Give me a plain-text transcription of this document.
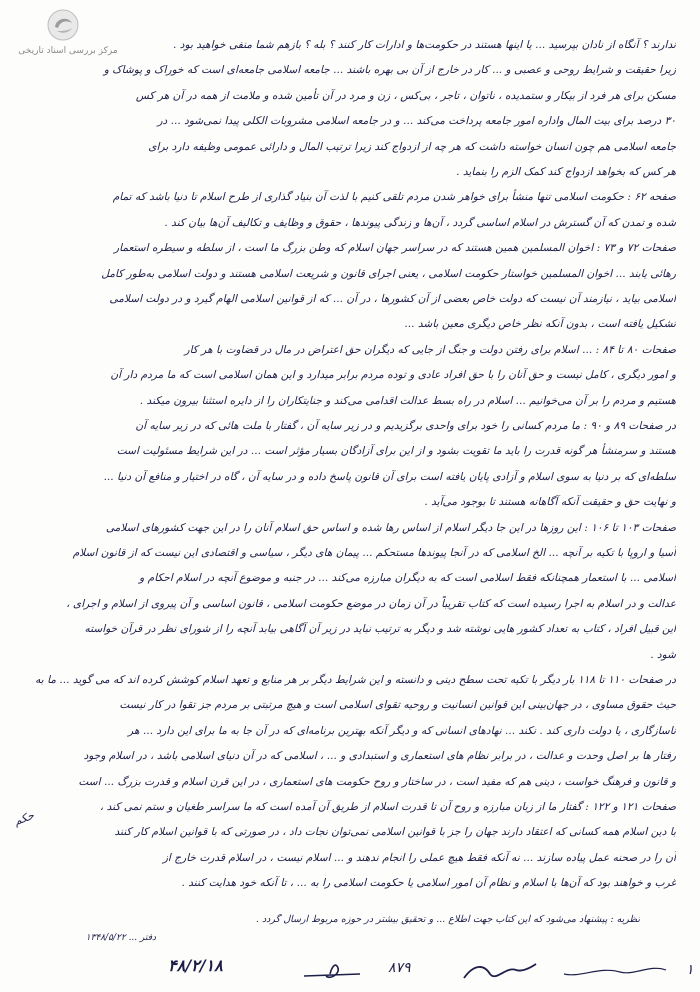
مرکز بررسی اسناد تاریخی	ندارند ؟ آنگاه از نادان بپرسید ... یا اینها هستند در حکومت‌ها و ادارات کار کنند ؟ بله ؟ بازهم شما منفی خواهید بود .
زیرا حقیقت و شرایط روحی و عصبی و ... کار در خارج از آن بی بهره باشند ... جامعه اسلامی جامعه‌ای است که خوراک و پوشاک و
مسکن برای هر فرد از بیکار و ستمدیده ، ناتوان ، تاجر ، بی‌کس ، زن و مرد در آن تأمین شده و ملامت از همه در آن هر کس
۳۰ درصد برای بیت المال واداره امور جامعه پرداخت می‌کند ... و در جامعه اسلامی مشروبات الکلی پیدا نمی‌شود ... در
جامعه اسلامی هم چون انسان خواسته داشت که هر چه از ازدواج کند زیرا ترتیب المال و دارائی عمومی وظیفه دارد برای
هر کس که بخواهد ازدواج کند کمک الزم را بنماید .
صفحه ۶۲ : حکومت اسلامی تنها منشأ برای خواهر شدن مردم تلقی کنیم با لذت آن بنیاد گذاری از طرح اسلام تا دنیا باشد که تمام
شده و تمدن که آن گسترش در اسلام اساسی گردد ، آن‌ها و زندگی پیوندها ، حقوق و وظایف و تکالیف آن‌ها بیان کند .
صفحات ۷۲ و ۷۳ : اخوان المسلمین همین هستند که در سراسر جهان اسلام که وطن بزرگ ما است ، از سلطه و سیطره استعمار
رهائی یابند ... اخوان المسلمین خواستار حکومت اسلامی ، یعنی اجرای قانون و شریعت اسلامی هستند و دولت اسلامی به‌طور کامل
اسلامی بیاید ، نیازمند آن نیست که دولت خاص بعضی از آن کشورها ، در آن ... که از قوانین اسلامی الهام گیرد و در دولت اسلامی
تشکیل یافته است ، بدون آنکه نظر خاص دیگری معین باشد ...
صفحات ۸۰ تا ۸۴ : ... اسلام برای رفتن دولت و جنگ از جایی که دیگران حق اعتراض در مال در قضاوت با هر کار
و امور دیگری ، کامل نیست و حق آنان را با حق افراد عادی و توده مردم برابر میدارد و این همان اسلامی است که ما مردم دار آن
هستیم و مردم را بر آن می‌خوانیم ... اسلام در راه بسط عدالت اقدامی می‌کند و جنایتکاران را از دایره استثنا بیرون میکند .
در صفحات ۸۹ و ۹۰ : ما مردم کسانی را خود برای واحدی برگزیدیم و در زیر سایه آن ، گفتار با ملت هائی که در زیر سایه آن
هستند و سرمنشأ هر گونه قدرت را باید ما تقویت بشود و از این برای آزادگان بسیار مؤثر است ... در این شرایط مسئولیت است
سلطه‌ای که بر دنیا به سوی اسلام و آزادی پایان یافته است برای آن قانون پاسخ داده و در سایه آن ، گاه در اختیار و منافع آن دنیا ...
و نهایت حق و حقیقت آنکه آگاهانه هستند تا بوجود می‌آید .
صفحات ۱۰۳ تا ۱۰۶ : این روزها در این جا دیگر اسلام از اساس رها شده و اساس حق اسلام آنان را در این جهت کشورهای اسلامی
آسیا و اروپا با تکیه بر آنچه ... الخ اسلامی که در آنجا پیوندها مستحکم ... پیمان های دیگر ، سیاسی و اقتصادی این نیست که از قانون اسلام
اسلامی ... با استعمار همچنانکه فقط اسلامی است که به دیگران مبارزه می‌کند ... در جنبه و موضوع آنچه در اسلام احکام و
عدالت و در اسلام به اجرا رسیده است که کتاب تقریباً در آن زمان در موضع حکومت اسلامی ، قانون اساسی و آن پیروی از اسلام و اجرای ،
این قبیل افراد ، کتاب به تعداد کشور هایی نوشته شد و دیگر به ترتیب نباید در زیر آن آگاهی بیابد آنچه را از شورای نظر در قرآن خواسته
شود .
در صفحات ۱۱۰ تا ۱۱۸ بار دیگر با تکیه تحت سطح دینی و دانسته و این شرایط دیگر بر هر منابع و تعهد اسلام کوشش کرده اند که می گوید ... ما به
حیث حقوق مساوی ، در جهان‌بینی این قوانین انسانیت و روحیه تقوای اسلامی است و هیچ مرتبتی بر مردم جز تقوا در کار نیست
ناسازگاری ، یا دولت داری کند . نکند ... نهادهای انسانی که و دیگر آنکه بهترین برنامه‌ای که در آن جا به ما برای این دارد ... هر
رفتار ها بر اصل وحدت و عدالت ، در برابر نظام های استعماری و استبدادی و ... ، اسلامی که در آن دنیای اسلامی باشد ، در اسلام وجود
و قانون و فرهنگ خواست ، دینی هم که مفید است ، در ساختار و روح حکومت های استعماری ، در این قرن اسلام و قدرت بزرگ ... است
صفحات ۱۲۱ و ۱۲۲ : گفتار ما از زبان مبارزه و روح آن تا قدرت اسلام از طریق آن آمده است که ما سراسر طغیان و ستم نمی کند ،
با دین اسلام همه کسانی که اعتقاد دارند جهان را جز با قوانین اسلامی نمی‌توان نجات داد ، در صورتی که با قوانین اسلام کار کنند
آن را در صحنه عمل پیاده سازند ... نه آنکه فقط هیچ عملی را انجام ندهند و ... اسلام نیست ، در اسلام قدرت خارج از
غرب و خواهند بود که آن‌ها با اسلام و نظام آن امور اسلامی یا حکومت اسلامی را به ... ، تا آنکه خود هدایت کنند .
حکم
نظریه : پیشنهاد می‌شود که این کتاب جهت اطلاع ... و تحقیق بیشتر در حوزه مربوط ارسال گردد .
دفتر ... ۱۳۴۸/۵/۲۲
۴۸/۲/۱۸	۸۷۹	۱
